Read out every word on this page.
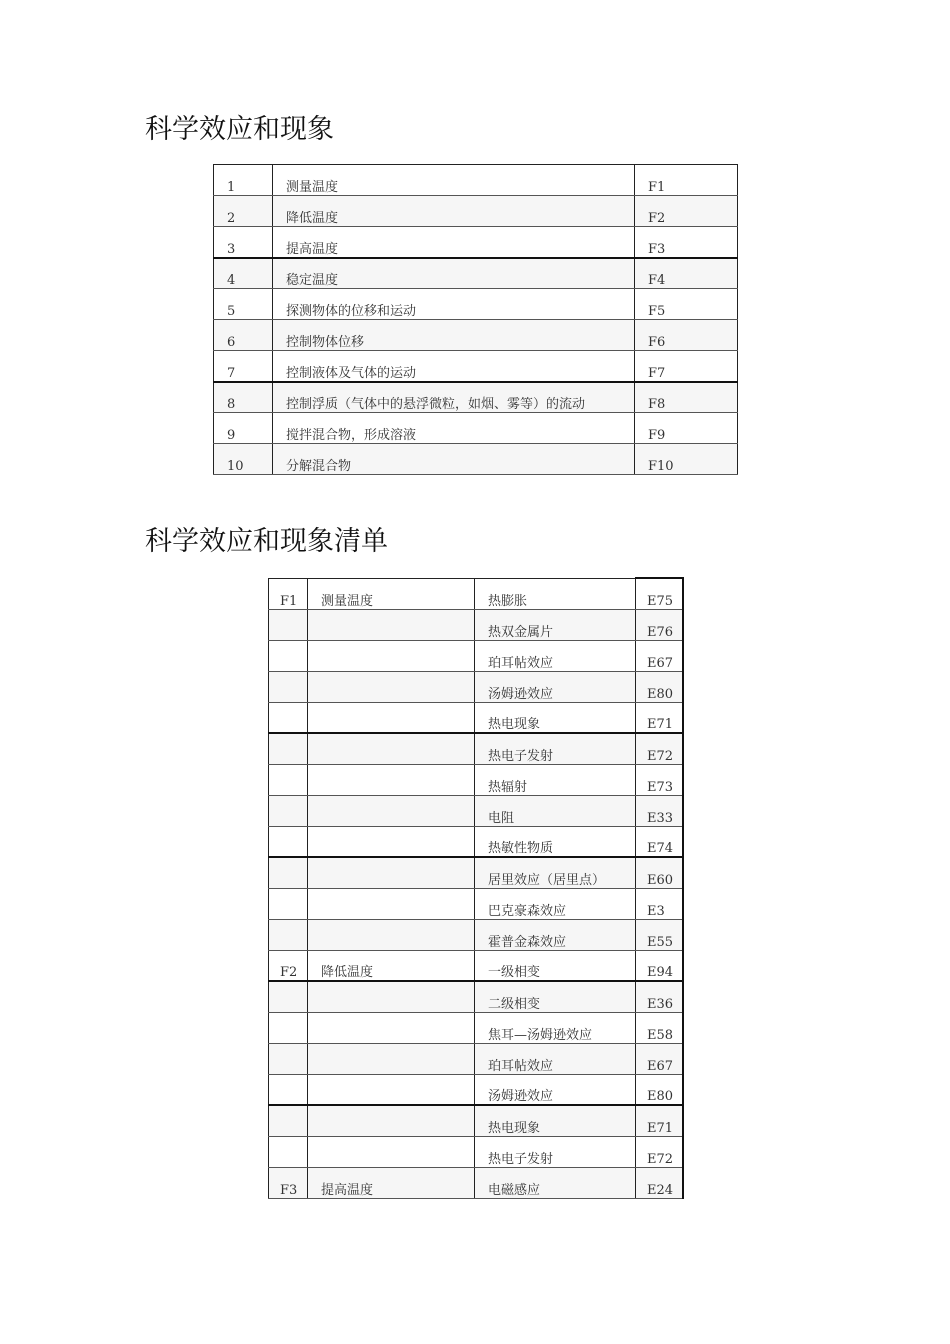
科学效应和现象
1	测量温度	F1
2	降低温度	F2
3	提高温度	F3
4	稳定温度	F4
5	探测物体的位移和运动	F5
6	控制物体位移	F6
7	控制液体及气体的运动	F7
8	控制浮质（气体中的悬浮微粒，如烟、雾等）的流动	F8
9	搅拌混合物，形成溶液	F9
10	分解混合物	F10
科学效应和现象清单
F1	测量温度	热膨胀	E75
		热双金属片	E76
		珀耳帖效应	E67
		汤姆逊效应	E80
		热电现象	E71
		热电子发射	E72
		热辐射	E73
		电阻	E33
		热敏性物质	E74
		居里效应（居里点）	E60
		巴克豪森效应	E3
		霍普金森效应	E55
F2	降低温度	一级相变	E94
		二级相变	E36
		焦耳—汤姆逊效应	E58
		珀耳帖效应	E67
		汤姆逊效应	E80
		热电现象	E71
		热电子发射	E72
F3	提高温度	电磁感应	E24
